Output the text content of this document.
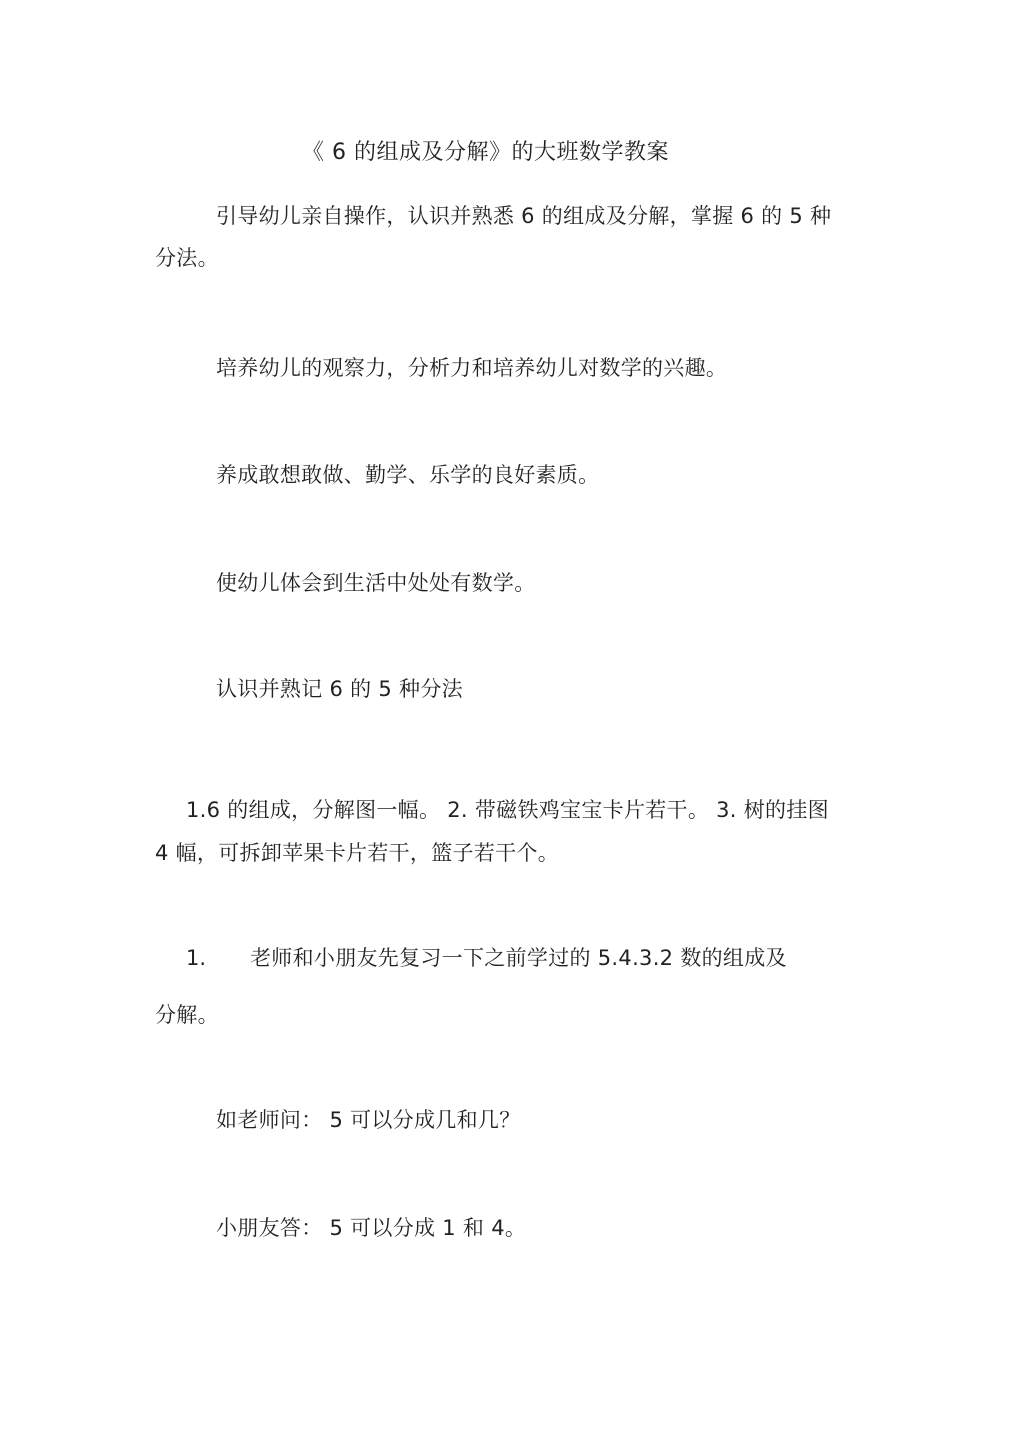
《 6 的组成及分解》的大班数学教案
引导幼儿亲自操作，认识并熟悉 6 的组成及分解，掌握 6 的 5 种
分法。
培养幼儿的观察力，分析力和培养幼儿对数学的兴趣。
养成敢想敢做、勤学、乐学的良好素质。
使幼儿体会到生活中处处有数学。
认识并熟记 6 的 5 种分法
1.6 的组成，分解图一幅。 2. 带磁铁鸡宝宝卡片若干。 3. 树的挂图
4 幅，可拆卸苹果卡片若干，篮子若干个。
1. 老师和小朋友先复习一下之前学过的 5.4.3.2 数的组成及
分解。
如老师问： 5 可以分成几和几？
小朋友答： 5 可以分成 1 和 4。
